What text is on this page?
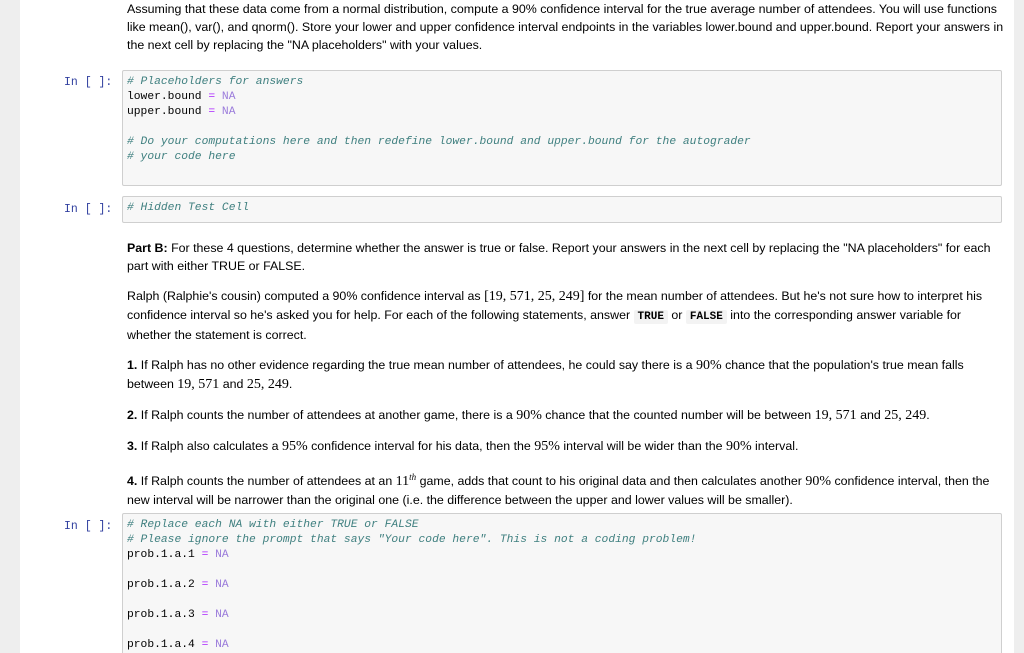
Assuming that these data come from a normal distribution, compute a 90% confidence interval for the true average number of attendees. You will use functions like mean(), var(), and qnorm(). Store your lower and upper confidence interval endpoints in the variables lower.bound and upper.bound. Report your answers in the next cell by replacing the "NA placeholders" with your values.

In [ ]:	# Placeholders for answers
lower.bound = NA
upper.bound = NA
# Do your computations here and then redefine lower.bound and upper.bound for the autograder
# your code here
In [ ]:	# Hidden Test Cell

Part B: For these 4 questions, determine whether the answer is true or false. Report your answers in the next cell by replacing the "NA placeholders" for each part with either TRUE or FALSE.

Ralph (Ralphie's cousin) computed a 90% confidence interval as [19, 571, 25, 249] for the mean number of attendees. But he's not sure how to interpret his confidence interval so he's asked you for help. For each of the following statements, answer TRUE or FALSE into the corresponding answer variable for whether the statement is correct.

1. If Ralph has no other evidence regarding the true mean number of attendees, he could say there is a 90% chance that the population's true mean falls between 19, 571 and 25, 249.

2. If Ralph counts the number of attendees at another game, there is a 90% chance that the counted number will be between 19, 571 and 25, 249.

3. If Ralph also calculates a 95% confidence interval for his data, then the 95% interval will be wider than the 90% interval.

4. If Ralph counts the number of attendees at an 11th game, adds that count to his original data and then calculates another 90% confidence interval, then the new interval will be narrower than the original one (i.e. the difference between the upper and lower values will be smaller).

In [ ]:	# Replace each NA with either TRUE or FALSE
# Please ignore the prompt that says "Your code here". This is not a coding problem!
prob.1.a.1 = NA
prob.1.a.2 = NA
prob.1.a.3 = NA
prob.1.a.4 = NA
